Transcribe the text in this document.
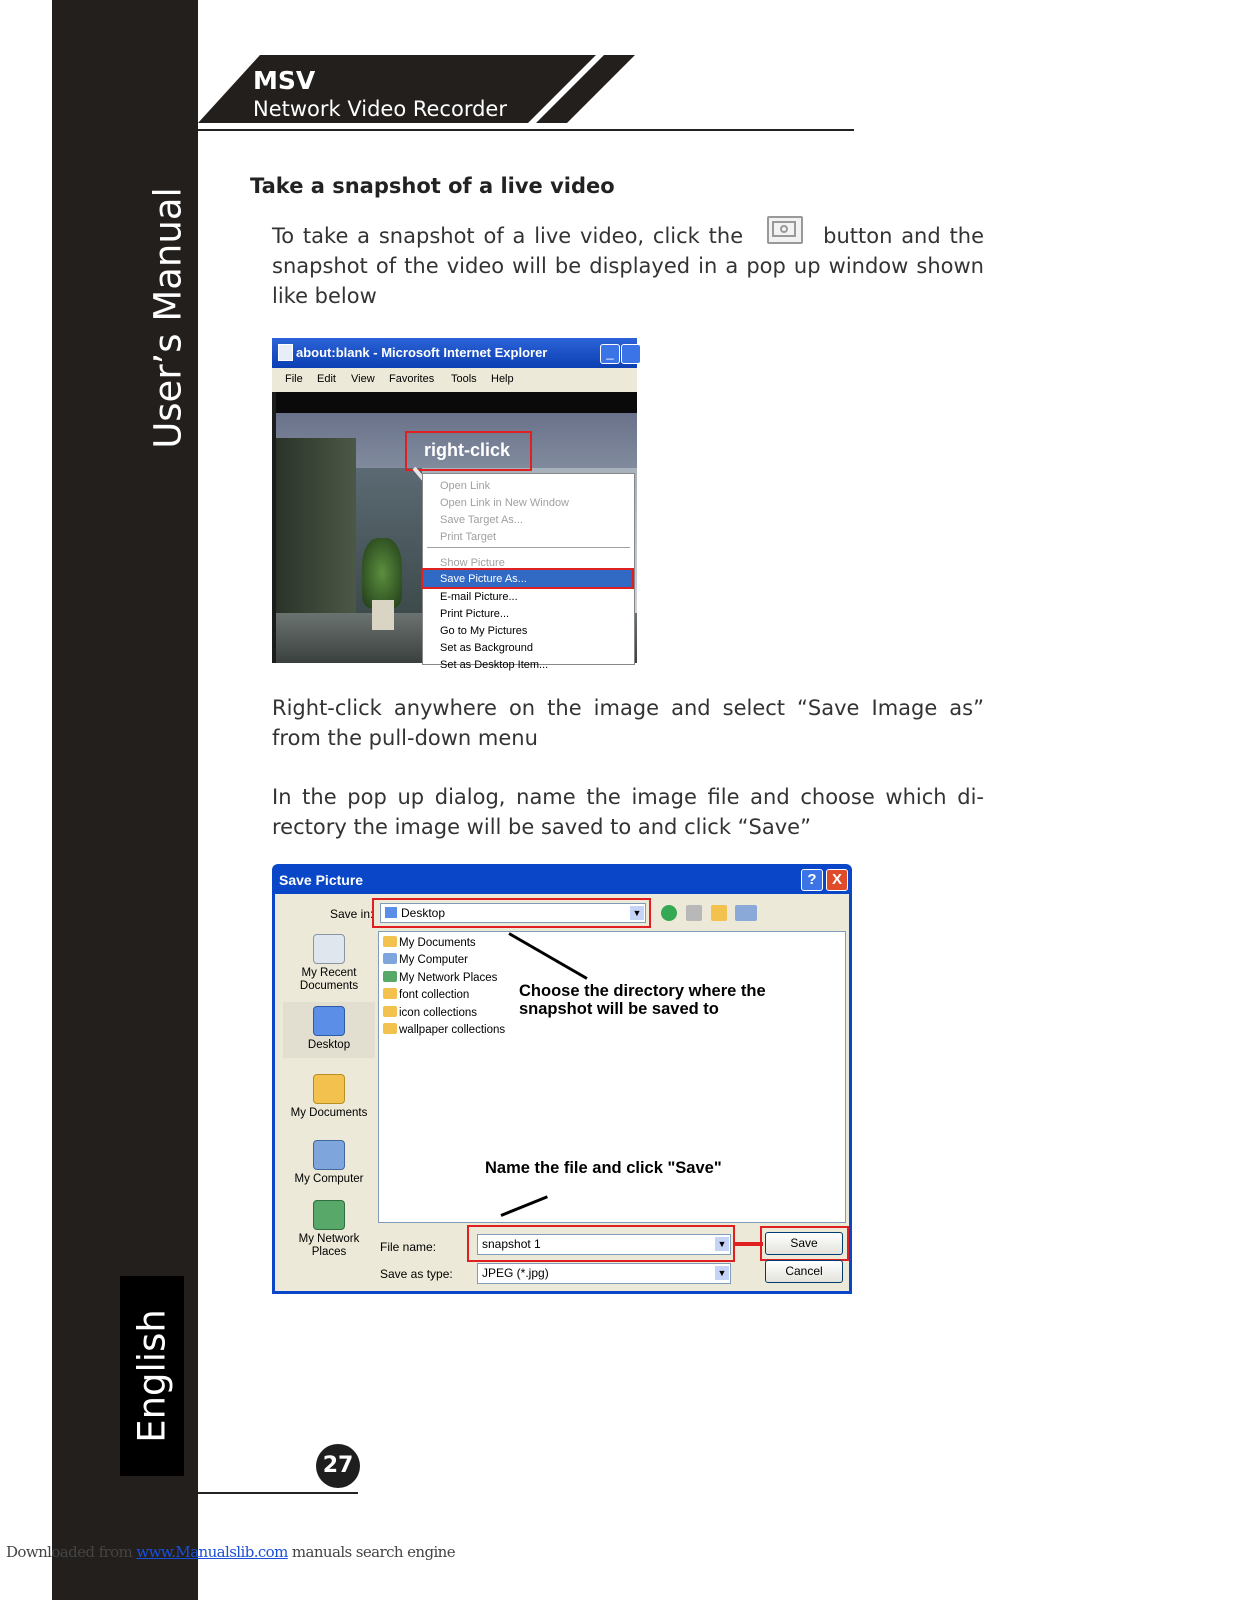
User’s Manual
English
MSV
Network Video Recorder
Take a snapshot of a live video
To take a snapshot of a live video, click the	button and the snapshot of the video will be displayed in a pop up window shown like below
about:blank - Microsoft Internet Explorer	_
File Edit View Favorites Tools Help
right-click
Open Link
Open Link in New Window
Save Target As...
Print Target
Show Picture
Save Picture As...
E-mail Picture...
Print Picture...
Go to My Pictures
Set as Background
Set as Desktop Item...
Right-click anywhere on the image and select “Save Image as” from the pull-down menu
In the pop up dialog, name the image file and choose which di-rectory the image will be saved to and click “Save”
Save Picture	?	X
Save in:	Desktop	▼
My Recent Documents
Desktop
My Documents
My Computer
My Network Places
My Documents
My Computer
My Network Places
font collection
icon collections
wallpaper collections
Choose the directory where the snapshot will be saved to
Name the file and click "Save"
File name:	snapshot 1	▼	Save
Save as type:	JPEG (*.jpg)	▼	Cancel
27
Downloaded from www.Manualslib.com manuals search engine
